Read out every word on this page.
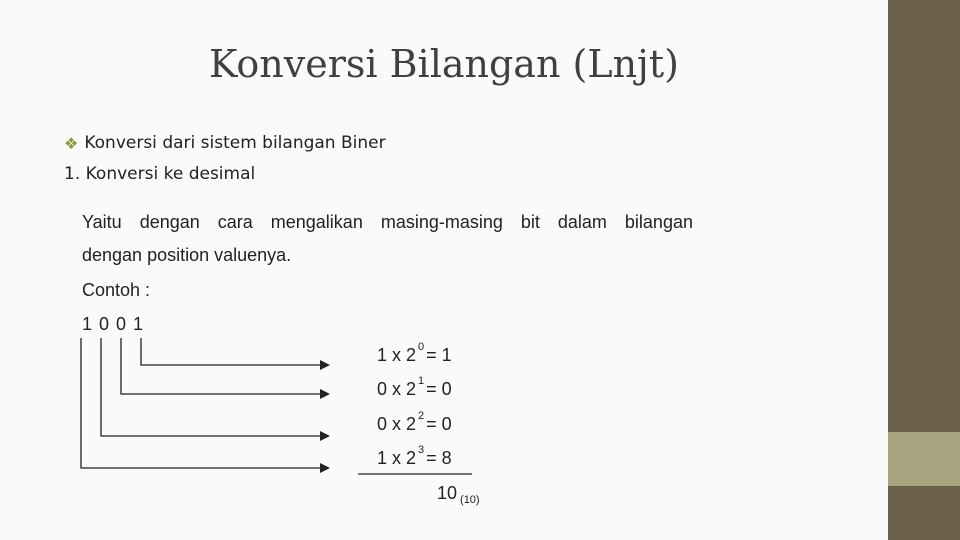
Konversi Bilangan (Lnjt)
❖ Konversi dari sistem bilangan Biner
1. Konversi ke desimal
Yaitu dengan cara mengalikan masing-masing bit dalam bilangan
dengan position valuenya.
Contoh :
1 0 0 1
1 x 2 $^0$ = 1
0 x 2 $^1$ = 0
0 x 2 $^2$ = 0
1 x 2 $^3$ = 8
10 $_{(10)}$
